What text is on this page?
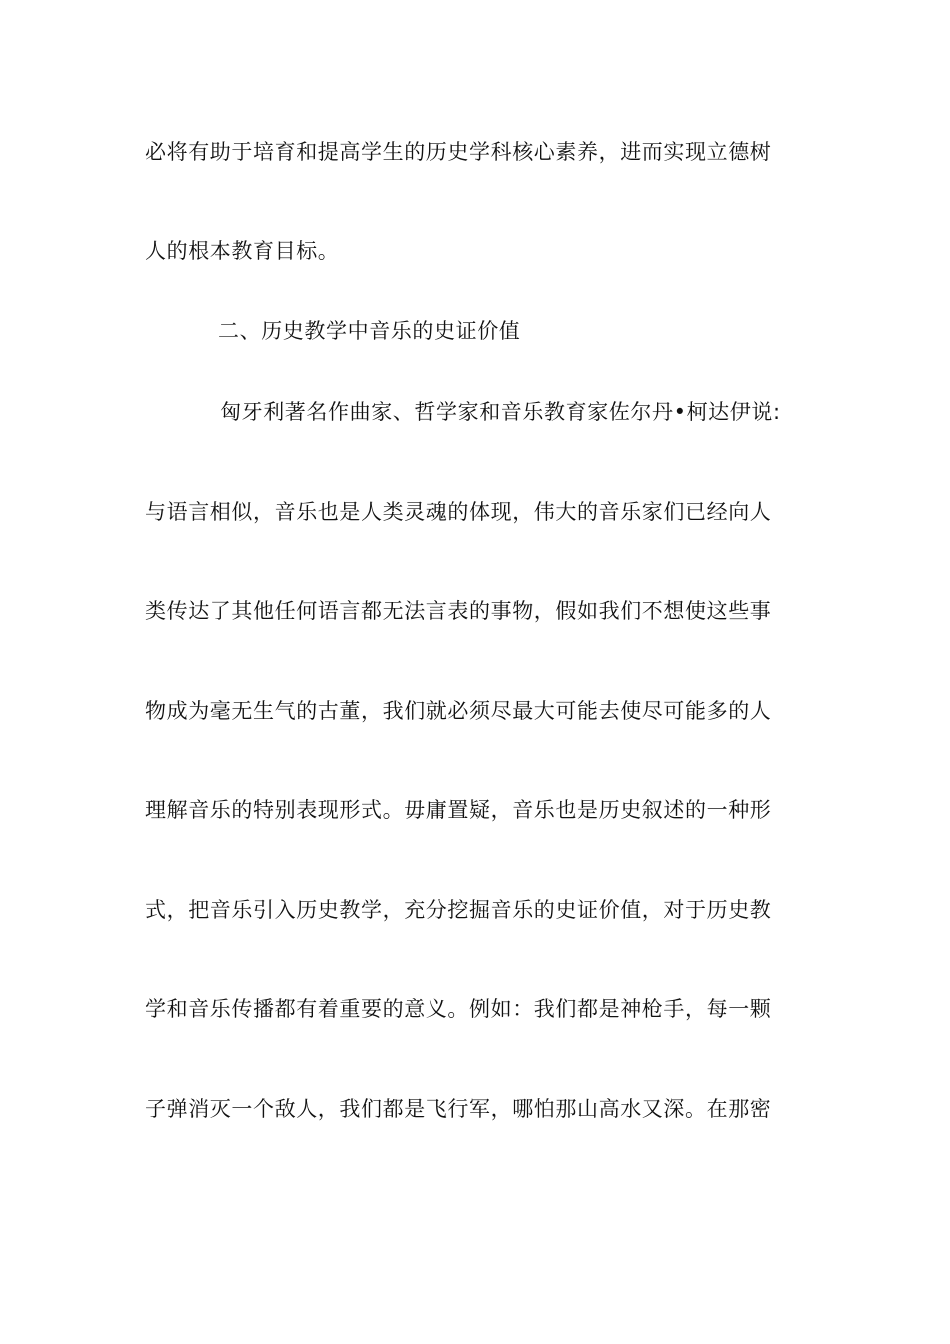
必将有助于培育和提高学生的历史学科核心素养，进而实现立德树
人的根本教育目标。
二、历史教学中音乐的史证价值
匈牙利著名作曲家、哲学家和音乐教育家佐尔丹•柯达伊说:
与语言相似，音乐也是人类灵魂的体现，伟大的音乐家们已经向人
类传达了其他任何语言都无法言表的事物，假如我们不想使这些事
物成为毫无生气的古董，我们就必须尽最大可能去使尽可能多的人
理解音乐的特别表现形式。毋庸置疑，音乐也是历史叙述的一种形
式，把音乐引入历史教学，充分挖掘音乐的史证价值，对于历史教
学和音乐传播都有着重要的意义。例如：我们都是神枪手，每一颗
子弹消灭一个敌人，我们都是飞行军，哪怕那山高水又深。在那密
